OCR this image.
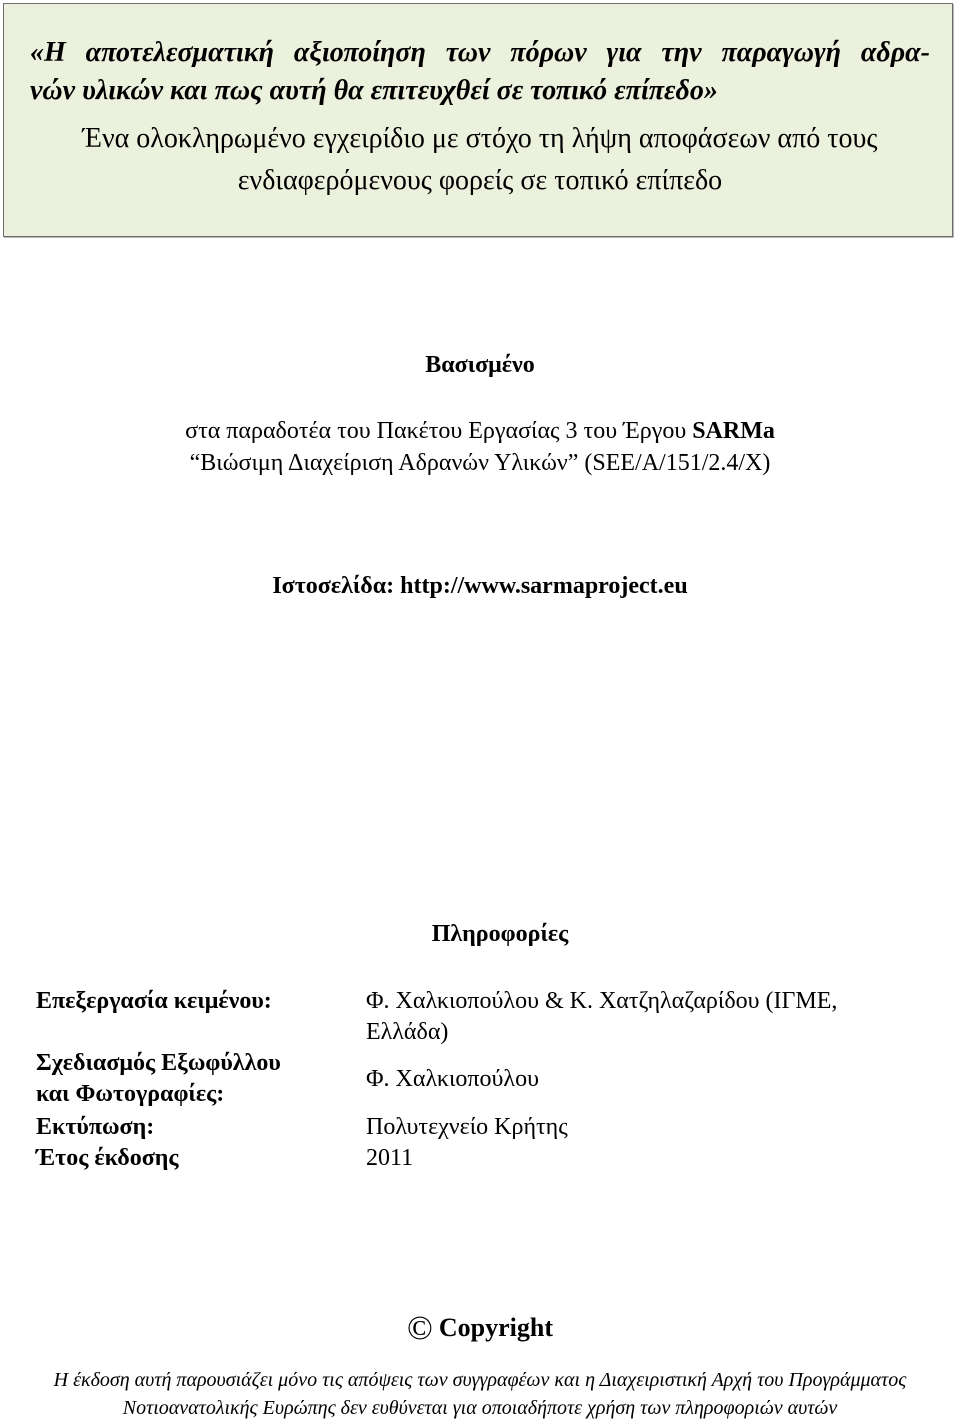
«Η αποτελεσματική αξιοποίηση των πόρων για την παραγωγή αδρα-
νών υλικών και πως αυτή θα επιτευχθεί σε τοπικό επίπεδο»
Ένα ολοκληρωμένο εγχειρίδιο με στόχο τη λήψη αποφάσεων από τους
ενδιαφερόμενους φορείς σε τοπικό επίπεδο
Βασισμένο
στα παραδοτέα του Πακέτου Εργασίας 3 του Έργου SARMa
“Βιώσιμη Διαχείριση Αδρανών Υλικών” (SEE/A/151/2.4/X)
Ιστοσελίδα: http://www.sarmaproject.eu
Πληροφορίες
Επεξεργασία κειμένου:	Φ. Χαλκιοπούλου & Κ. Χατζηλαζαρίδου (ΙΓΜΕ,
Ελλάδα)
Σχεδιασμός Εξωφύλλου
και Φωτογραφίες:
Φ. Χαλκιοπούλου
Εκτύπωση:	Πολυτεχνείο Κρήτης
Έτος έκδοσης	2011
© Copyright
Η έκδοση αυτή παρουσιάζει μόνο τις απόψεις των συγγραφέων και η Διαχειριστική Αρχή του Προγράμματος
Νοτιοανατολικής Ευρώπης δεν ευθύνεται για οποιαδήποτε χρήση των πληροφοριών αυτών
